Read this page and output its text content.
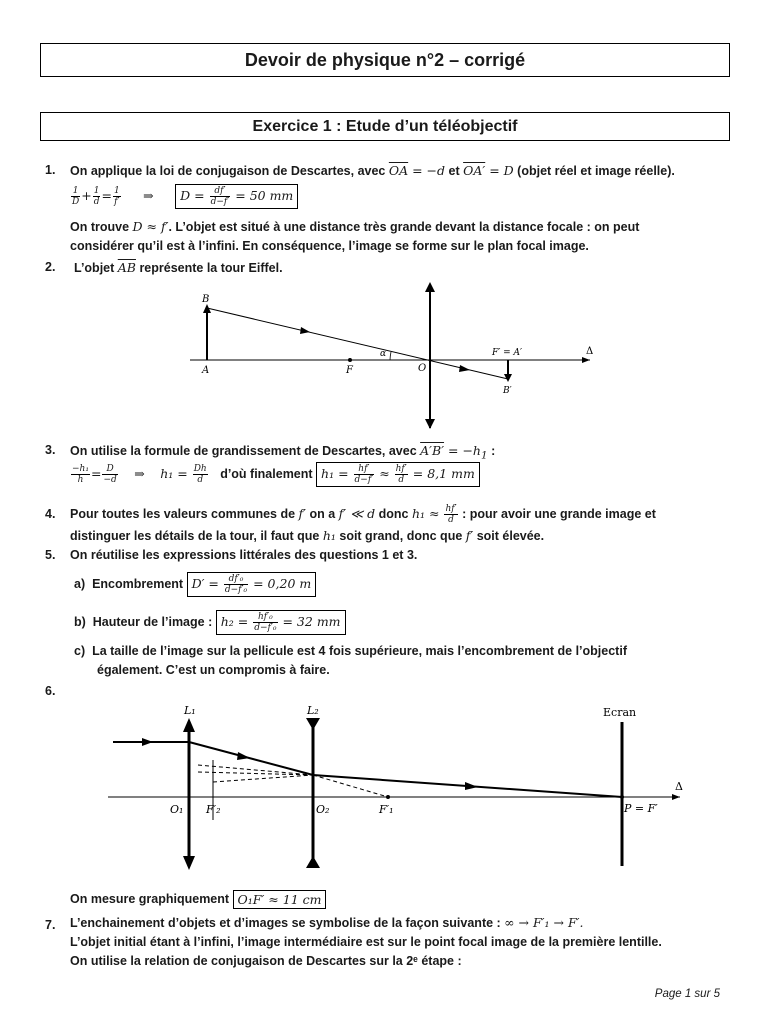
Devoir de physique n°2 – corrigé
Exercice 1 : Etude d’un téléobjectif
1. On applique la loi de conjugaison de Descartes, avec $\overline{OA} = -d$ et OA′ = D (objet réel et image réelle).
$\frac{1}{D} + \frac{1}{d} = \frac{1}{f'}$ ⇒ $D = \frac{df'}{d-f'} = 50$ mm
On trouve D ≈ f′. L’objet est situé à une distance très grande devant la distance focale : on peut
considérer qu’il est à l’infini. En conséquence, l’image se forme sur le plan focal image.
2. L’objet $\overline{AB}$ représente la tour Eiffel.
B
A	F
α
O
F′ = A′
B′
Δ
3. On utilise la formule de grandissement de Descartes, avec $A'B' = -h_1$ :
$\frac{\text{−h₁}}{h} = \frac{D}{-d}$ ⇒ $h_1 = \frac{Dh}{d}$ d’où finalement $h_1 = \frac{hf'}{d-f'} \approx \frac{hf'}{d} = 8,1$ mm
4. Pour toutes les valeurs communes de f′ on a f′ ≪ d donc $h_1 \approx \frac{hf'}{d}$ : pour avoir une grande image et
distinguer les détails de la tour, il faut que h₁ soit grand, donc que f′ soit élevée.
5. On réutilise les expressions littérales des questions 1 et 3.
a) Encombrement $D' = \frac{\text{df′₀}}{\text{d−f′₀}} = 0,20$ m
b) Hauteur de l’image : $h_2 = \frac{\text{hf′₀}}{\text{d−f′₀}} = 32$ mm
c) La taille de l’image sur la pellicule est 4 fois supérieure, mais l’encombrement de l’objectif
également. C’est un compromis à faire.
6.
L₁	L₂	Ecran
Δ
O₁ F′₂	O₂	F′₁	P = F′
On mesure graphiquement O₁F′ ≈ 11 cm
7. L’enchainement d’objets et d’images se symbolise de la façon suivante : ∞ → F′₁ → F′.
L’objet initial étant à l’infini, l’image intermédiaire est sur le point focal image de la première lentille.
On utilise la relation de conjugaison de Descartes sur la 2ᵉ étape :
Page 1 sur 5
